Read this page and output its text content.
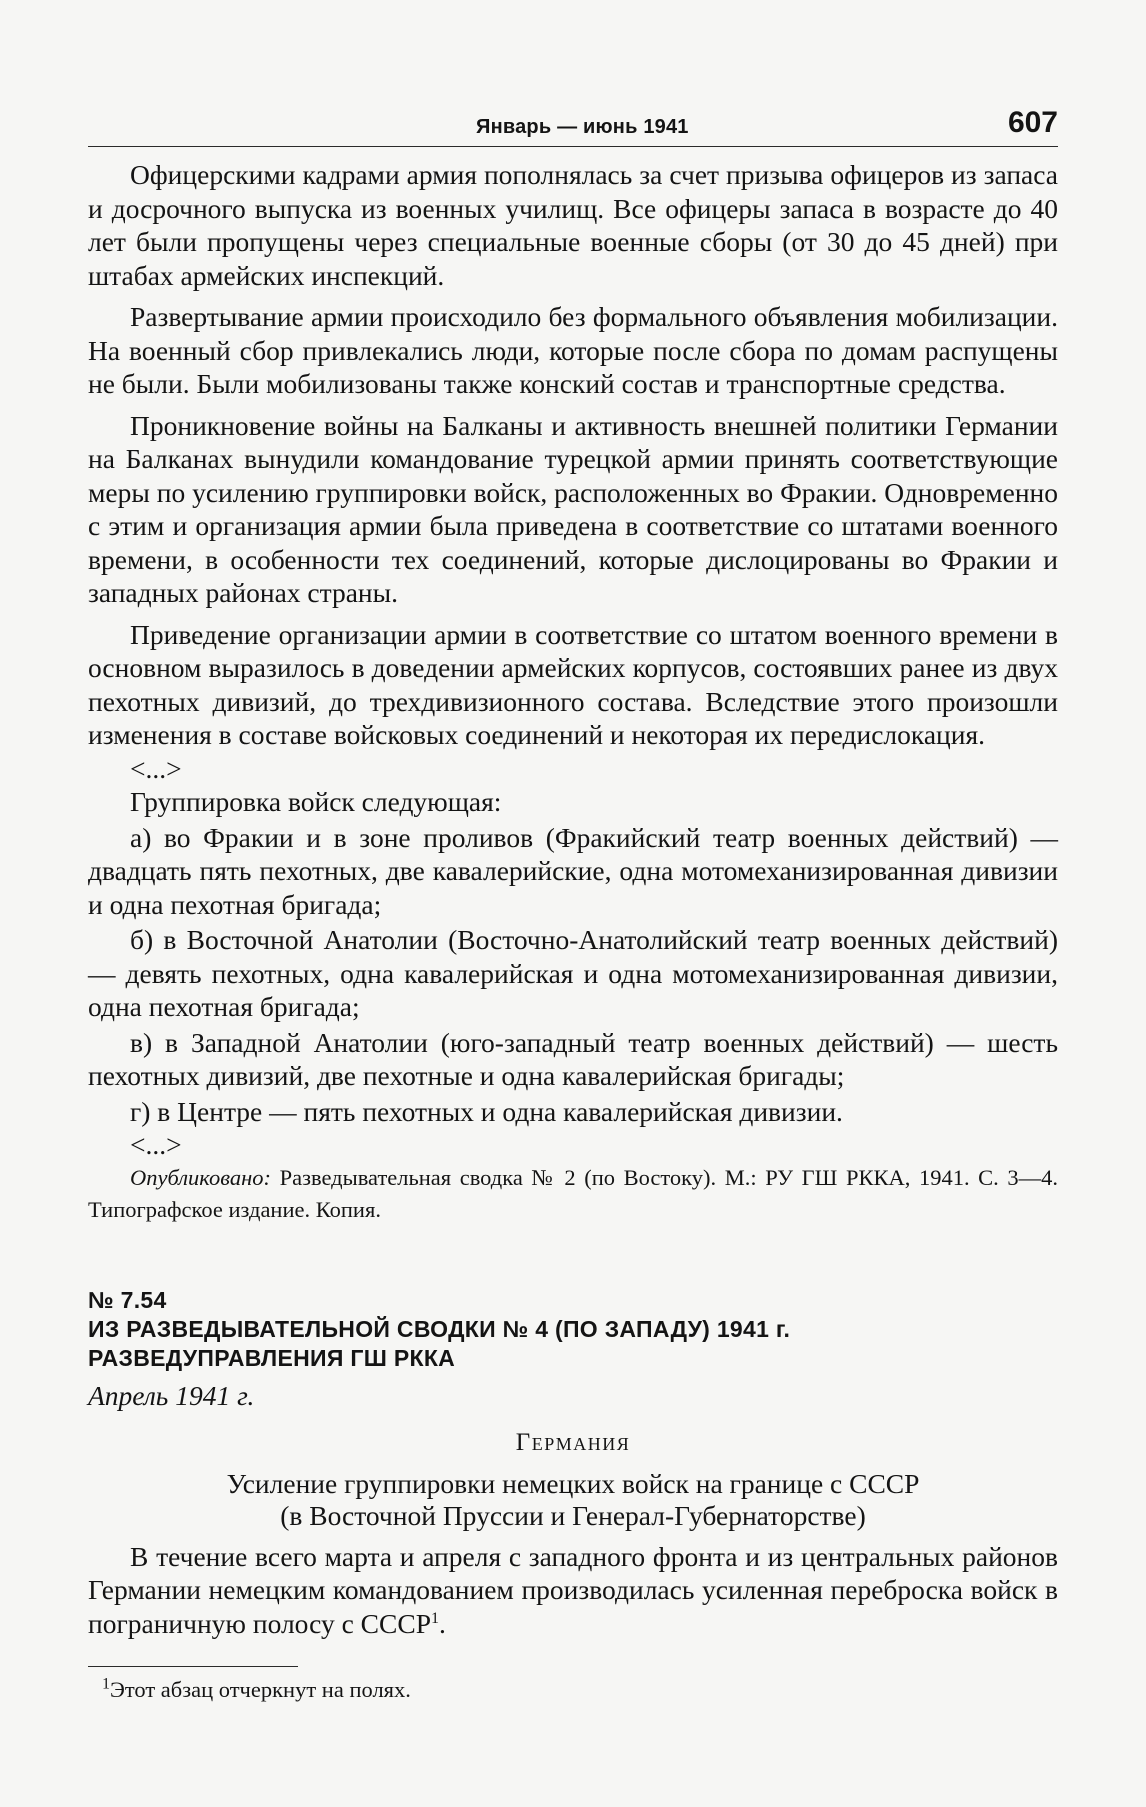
Январь — июнь 1941	607

Офицерскими кадрами армия пополнялась за счет призыва офицеров из запаса и досрочного выпуска из военных училищ. Все офицеры запаса в возрасте до 40 лет были пропущены через специальные военные сборы (от 30 до 45 дней) при штабах армейских инспекций.

Развертывание армии происходило без формального объявления мобилизации. На военный сбор привлекались люди, которые после сбора по домам распущены не были. Были мобилизованы также конский состав и транспортные средства.

Проникновение войны на Балканы и активность внешней политики Германии на Балканах вынудили командование турецкой армии принять соответствующие меры по усилению группировки войск, расположенных во Фракии. Одновременно с этим и организация армии была приведена в соответствие со штатами военного времени, в особенности тех соединений, которые дислоцированы во Фракии и западных районах страны.

Приведение организации армии в соответствие со штатом военного времени в основном выразилось в доведении армейских корпусов, состоявших ранее из двух пехотных дивизий, до трехдивизионного состава. Вследствие этого произошли изменения в составе войсковых соединений и некоторая их передислокация.

<...>

Группировка войск следующая:

а) во Фракии и в зоне проливов (Фракийский театр военных действий) — двадцать пять пехотных, две кавалерийские, одна мотомеханизированная дивизии и одна пехотная бригада;

б) в Восточной Анатолии (Восточно-Анатолийский театр военных действий) — девять пехотных, одна кавалерийская и одна мотомеханизированная дивизии, одна пехотная бригада;

в) в Западной Анатолии (юго-западный театр военных действий) — шесть пехотных дивизий, две пехотные и одна кавалерийская бригады;

г) в Центре — пять пехотных и одна кавалерийская дивизии.

<...>

Опубликовано: Разведывательная сводка № 2 (по Востоку). М.: РУ ГШ РККА, 1941. С. 3—4. Типографское издание. Копия.

№ 7.54
ИЗ РАЗВЕДЫВАТЕЛЬНОЙ СВОДКИ № 4 (ПО ЗАПАДУ) 1941 г.
РАЗВЕДУПРАВЛЕНИЯ ГШ РККА
Апрель 1941 г.
Германия
Усиление группировки немецких войск на границе с СССР
(в Восточной Пруссии и Генерал-Губернаторстве)

В течение всего марта и апреля с западного фронта и из центральных районов Германии немецким командованием производилась усиленная переброска войск в пограничную полосу с СССР$^1$.

$^1$Этот абзац отчеркнут на полях.
